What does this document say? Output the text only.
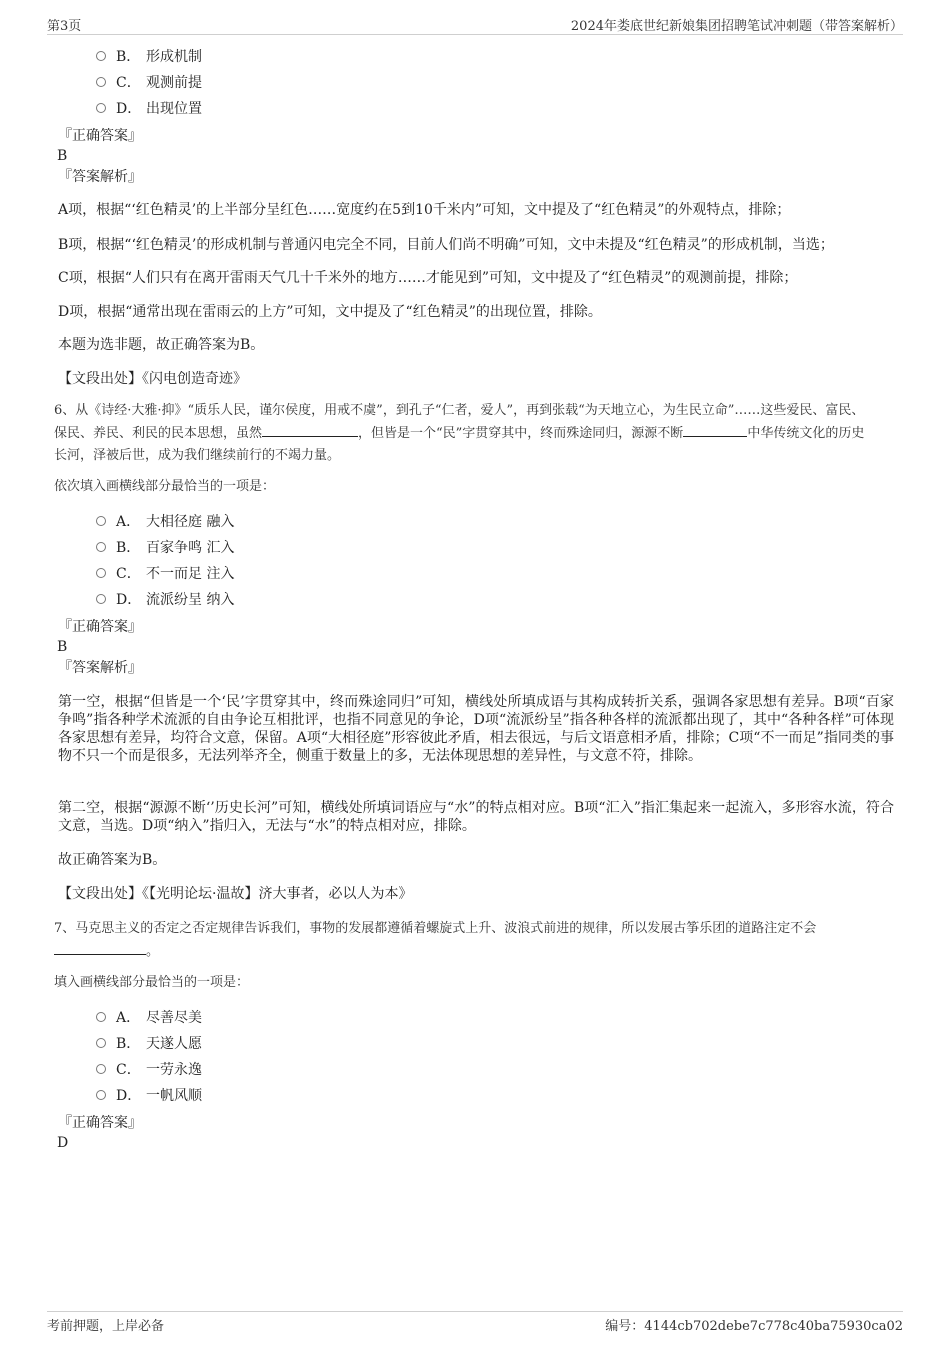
第3页	2024年娄底世纪新娘集团招聘笔试冲刺题（带答案解析）
B． 形成机制
C． 观测前提
D． 出现位置
『正确答案』
B
『答案解析』
A项，根据“‘红色精灵’的上半部分呈红色……宽度约在5到10千米内”可知，文中提及了“红色精灵”的外观特点，排除；
B项，根据“‘红色精灵’的形成机制与普通闪电完全不同，目前人们尚不明确”可知，文中未提及“红色精灵”的形成机制，当选；
C项，根据“人们只有在离开雷雨天气几十千米外的地方……才能见到”可知，文中提及了“红色精灵”的观测前提，排除；
D项，根据“通常出现在雷雨云的上方”可知，文中提及了“红色精灵”的出现位置，排除。
本题为选非题，故正确答案为B。
【文段出处】《闪电创造奇迹》
6、从《诗经·大雅·抑》“质乐人民，谨尔侯度，用戒不虞”，到孔子“仁者，爱人”，再到张载“为天地立心，为生民立命”……这些爱民、富民、
保民、养民、利民的民本思想，虽然	，但皆是一个“民”字贯穿其中，终而殊途同归，源源不断	中华传统文化的历史
长河，泽被后世，成为我们继续前行的不竭力量。
依次填入画横线部分最恰当的一项是：
A． 大相径庭 融入
B． 百家争鸣 汇入
C． 不一而足 注入
D． 流派纷呈 纳入
『正确答案』
B
『答案解析』
第一空，根据“但皆是一个‘民’字贯穿其中，终而殊途同归”可知，横线处所填成语与其构成转折关系，强调各家思想有差异。B项“百家争鸣”指各种学术流派的自由争论互相批评，也指不同意见的争论，D项“流派纷呈”指各种各样的流派都出现了，其中“各种各样”可体现各家思想有差异，均符合文意，保留。A项“大相径庭”形容彼此矛盾，相去很远，与后文语意相矛盾，排除；C项“不一而足”指同类的事物不只一个而是很多，无法列举齐全，侧重于数量上的多，无法体现思想的差异性，与文意不符，排除。
第二空，根据“源源不断‘’历史长河”可知，横线处所填词语应与“水”的特点相对应。B项“汇入”指汇集起来一起流入，多形容水流，符合文意，当选。D项“纳入”指归入，无法与“水”的特点相对应，排除。
故正确答案为B。
【文段出处】《【光明论坛·温故】济大事者，必以人为本》
7、马克思主义的否定之否定规律告诉我们，事物的发展都遵循着螺旋式上升、波浪式前进的规律，所以发展古筝乐团的道路注定不会
。
填入画横线部分最恰当的一项是：
A． 尽善尽美
B． 天遂人愿
C． 一劳永逸
D． 一帆风顺
『正确答案』
D
考前押题，上岸必备	编号：4144cb702debe7c778c40ba75930ca02
